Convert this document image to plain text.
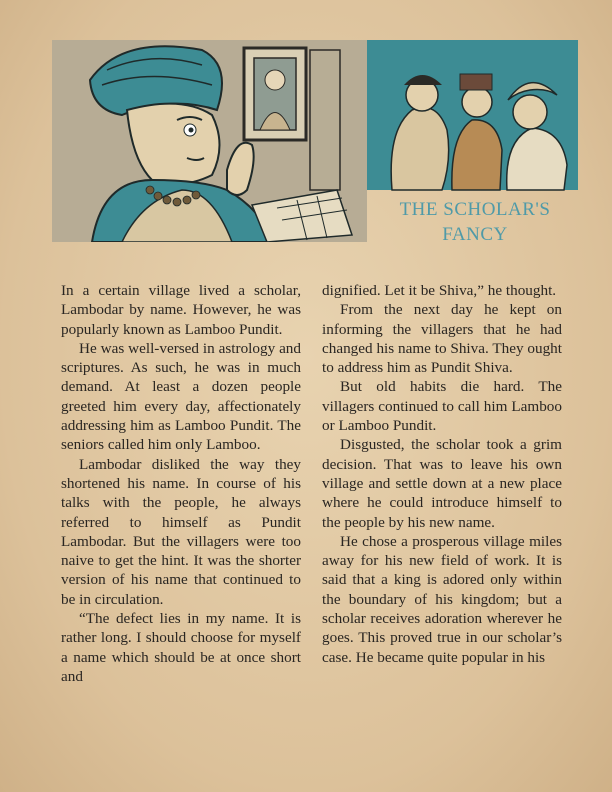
THE SCHOLAR'S
FANCY

In a certain village lived a scholar, Lambodar by name. However, he was popularly known as Lamboo Pundit.

He was well-versed in astrology and scriptures. As such, he was in much demand. At least a dozen people greeted him every day, affectionately addressing him as Lamboo Pundit. The seniors called him only Lamboo.

Lambodar disliked the way they shortened his name. In course of his talks with the people, he always referred to himself as Pundit Lambodar. But the villagers were too naive to get the hint. It was the shorter version of his name that continued to be in circulation.

“The defect lies in my name. It is rather long. I should choose for myself a name which should be at once short and

dignified. Let it be Shiva,” he thought.

From the next day he kept on informing the villagers that he had changed his name to Shiva. They ought to address him as Pundit Shiva.

But old habits die hard. The villagers continued to call him Lamboo or Lamboo Pundit.

Disgusted, the scholar took a grim decision. That was to leave his own village and settle down at a new place where he could introduce himself to the people by his new name.

He chose a prosperous village miles away for his new field of work. It is said that a king is adored only within the boundary of his kingdom; but a scholar receives adoration wherever he goes. This proved true in our scholar’s case. He became quite popular in his
